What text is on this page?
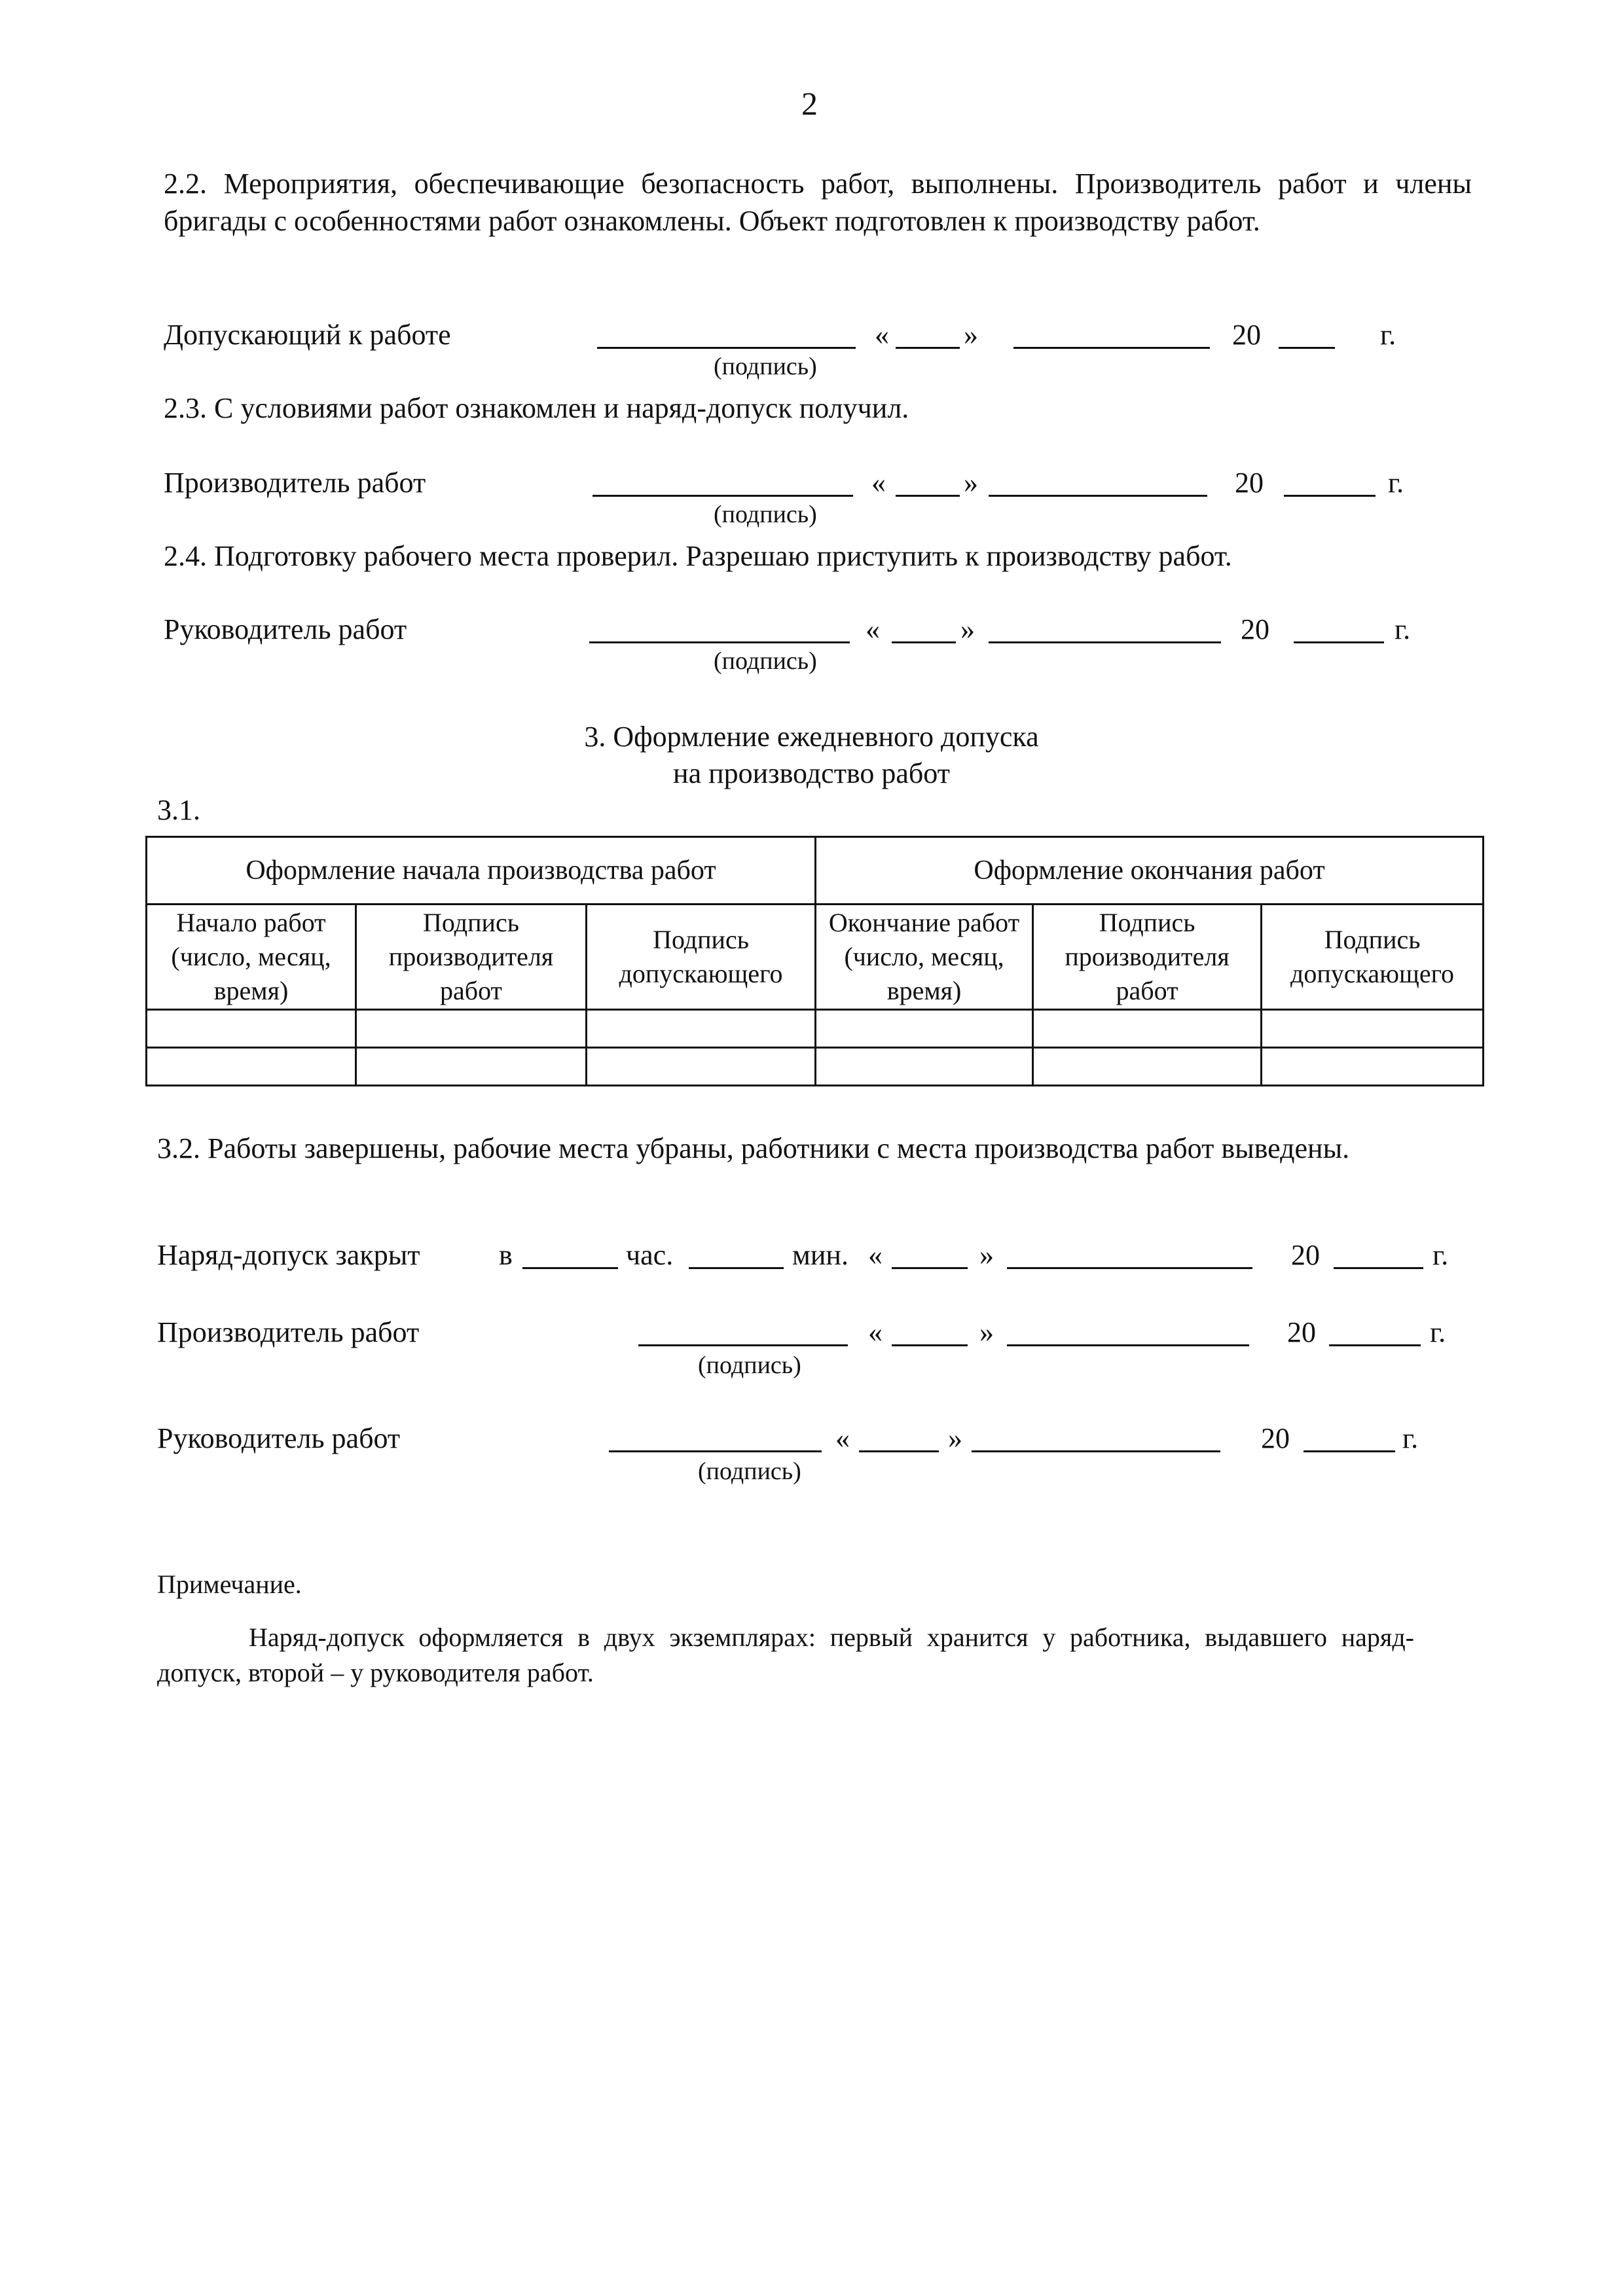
2
2.2. Мероприятия, обеспечивающие безопасность работ, выполнены. Производитель работ и члены бригады с особенностями работ ознакомлены. Объект подготовлен к производству работ.
Допускающий к работе	«	»	20	г.
(подпись)
2.3. С условиями работ ознакомлен и наряд-допуск получил.
Производитель работ	«	»	20	г.
(подпись)
2.4. Подготовку рабочего места проверил. Разрешаю приступить к производству работ.
Руководитель работ	«	»	20	г.
(подпись)
3. Оформление ежедневного допуска
на производство работ
3.1.
Оформление начала производства работ			Оформление окончания работ		
Начало работ (число, месяц, время)	Подпись производителя работ	Подпись допускающего	Окончание работ (число, месяц, время)	Подпись производителя работ	Подпись допускающего

3.2. Работы завершены, рабочие места убраны, работники с места производства работ выведены.
Наряд-допуск закрыт	в	час.	мин. «	»	20	г.
Производитель работ	«	»	20	г.
(подпись)
Руководитель работ	«	»	20	г.
(подпись)
Примечание.
Наряд-допуск оформляется в двух экземплярах: первый хранится у работника, выдавшего наряд-допуск, второй – у руководителя работ.
